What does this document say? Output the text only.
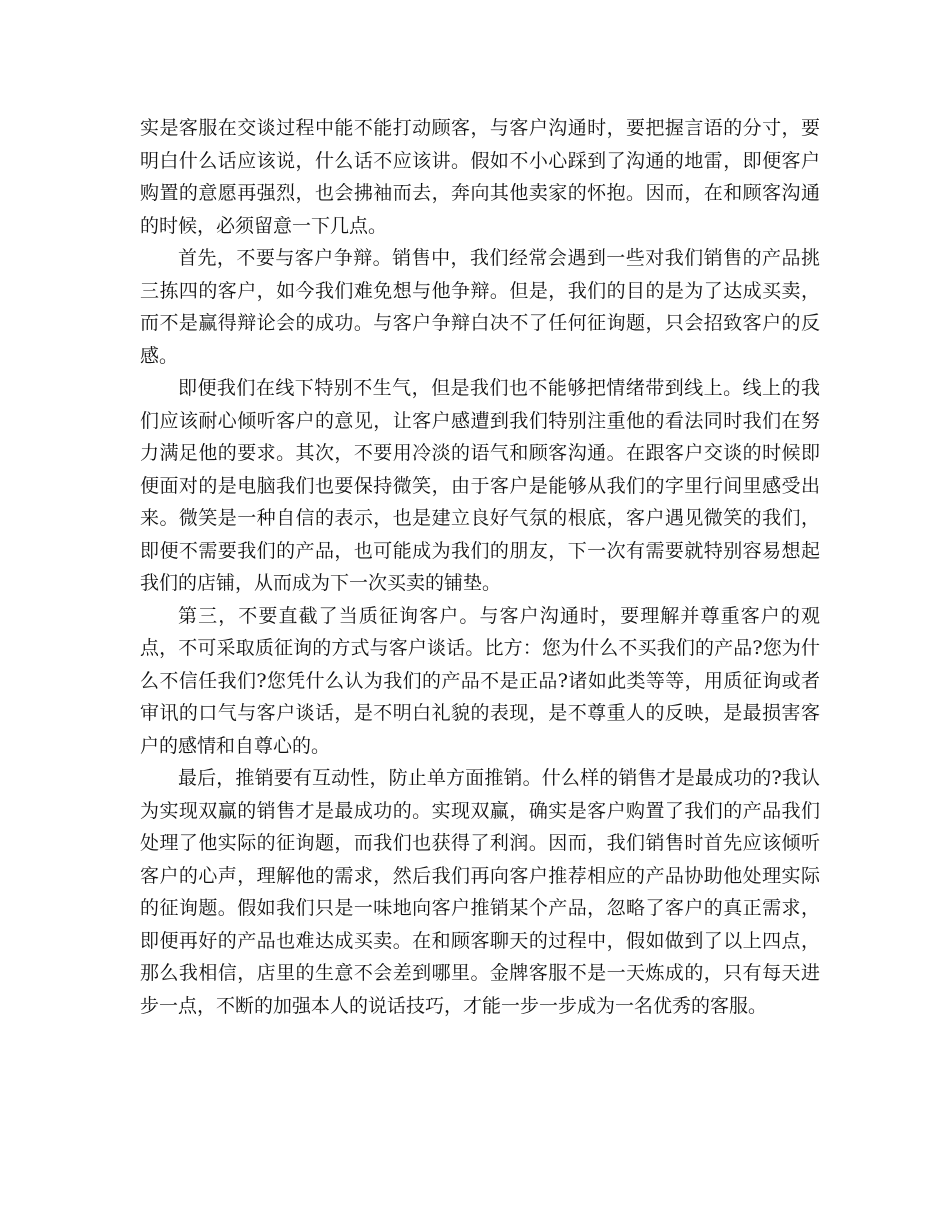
实是客服在交谈过程中能不能打动顾客，与客户沟通时，要把握言语的分寸，要明白什么话应该说，什么话不应该讲。假如不小心踩到了沟通的地雷，即便客户购置的意愿再强烈，也会拂袖而去，奔向其他卖家的怀抱。因而，在和顾客沟通的时候，必须留意一下几点。

首先，不要与客户争辩。销售中，我们经常会遇到一些对我们销售的产品挑三拣四的客户，如今我们难免想与他争辩。但是，我们的目的是为了达成买卖，而不是赢得辩论会的成功。与客户争辩白决不了任何征询题，只会招致客户的反感。

即便我们在线下特别不生气，但是我们也不能够把情绪带到线上。线上的我们应该耐心倾听客户的意见，让客户感遭到我们特别注重他的看法同时我们在努力满足他的要求。其次，不要用冷淡的语气和顾客沟通。在跟客户交谈的时候即便面对的是电脑我们也要保持微笑，由于客户是能够从我们的字里行间里感受出来。微笑是一种自信的表示，也是建立良好气氛的根底，客户遇见微笑的我们，即便不需要我们的产品，也可能成为我们的朋友，下一次有需要就特别容易想起我们的店铺，从而成为下一次买卖的铺垫。

第三，不要直截了当质征询客户。与客户沟通时，要理解并尊重客户的观点，不可采取质征询的方式与客户谈话。比方：您为什么不买我们的产品?您为什么不信任我们?您凭什么认为我们的产品不是正品?诸如此类等等，用质征询或者审讯的口气与客户谈话，是不明白礼貌的表现，是不尊重人的反映，是最损害客户的感情和自尊心的。

最后，推销要有互动性，防止单方面推销。什么样的销售才是最成功的?我认为实现双赢的销售才是最成功的。实现双赢，确实是客户购置了我们的产品我们处理了他实际的征询题，而我们也获得了利润。因而，我们销售时首先应该倾听客户的心声，理解他的需求，然后我们再向客户推荐相应的产品协助他处理实际的征询题。假如我们只是一味地向客户推销某个产品，忽略了客户的真正需求，即便再好的产品也难达成买卖。在和顾客聊天的过程中，假如做到了以上四点，那么我相信，店里的生意不会差到哪里。金牌客服不是一天炼成的，只有每天进步一点，不断的加强本人的说话技巧，才能一步一步成为一名优秀的客服。
